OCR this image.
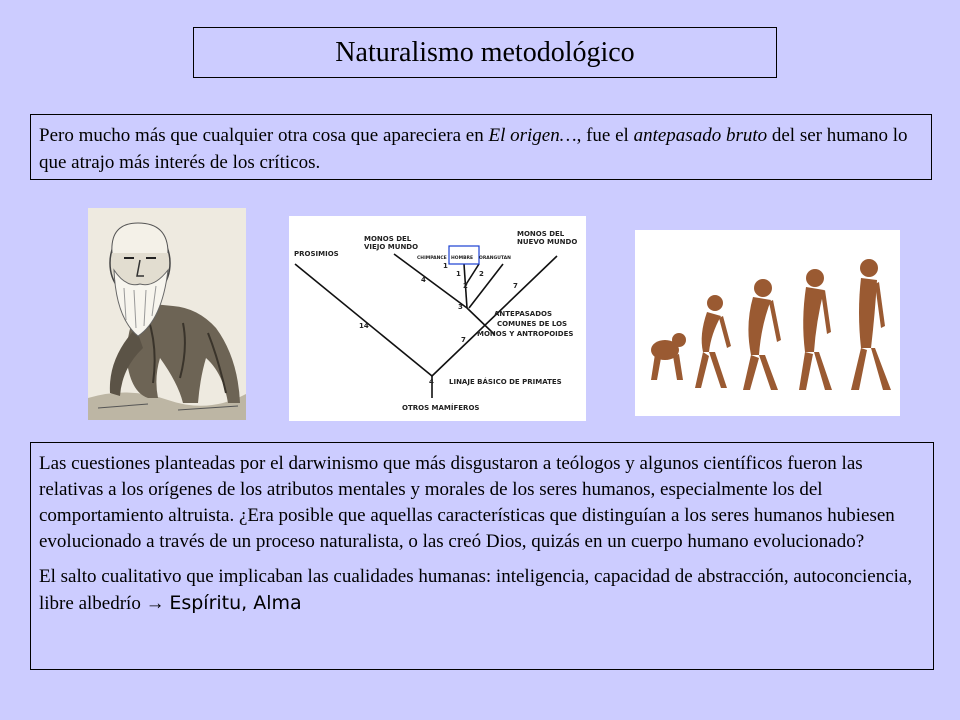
Naturalismo metodológico
Pero mucho más que cualquier otra cosa que apareciera en El origen…, fue el antepasado bruto del ser humano lo que atrajo más interés de los críticos.
PROSIMIOS
MONOS DEL
VIEJO MUNDO
MONOS DEL
NUEVO MUNDO
CHIMPANCE HOMBRE ORANGUTAN
ANTEPASADOS
COMUNES DE LOS
MONOS Y ANTROPOIDES
LINAJE BÁSICO DE PRIMATES
OTROS MAMÍFEROS
1
1	2
2
3
4
4
7
7
14

Las cuestiones planteadas por el darwinismo que más disgustaron a teólogos y algunos científicos fueron las relativas a los orígenes de los atributos mentales y morales de los seres humanos, especialmente los del comportamiento altruista. ¿Era posible que aquellas características que distinguían a los seres humanos hubiesen evolucionado a través de un proceso naturalista, o las creó Dios, quizás en un cuerpo humano evolucionado?

El salto cualitativo que implicaban las cualidades humanas: inteligencia, capacidad de abstracción, autoconciencia, libre albedrío → Espíritu, Alma
